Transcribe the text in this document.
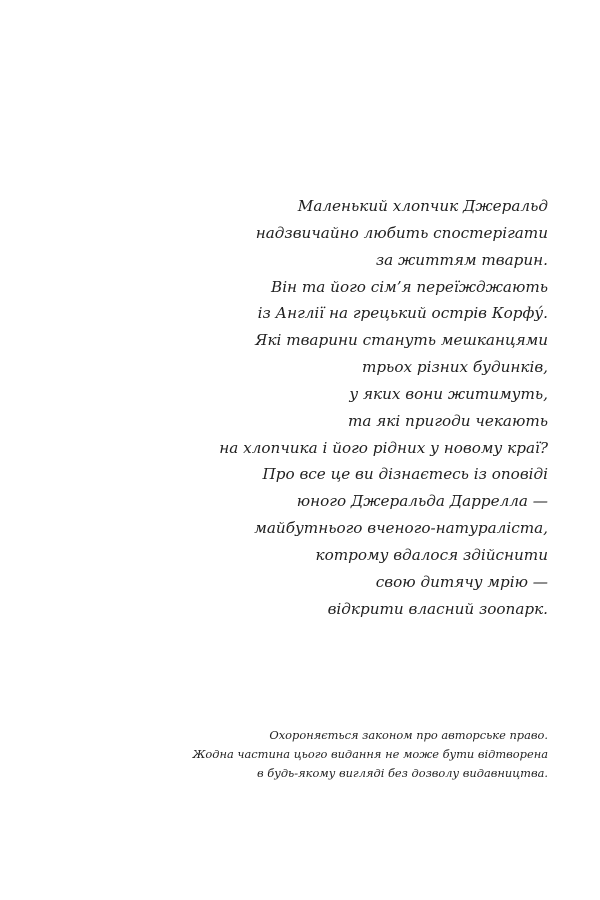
Маленький хлопчик Джеральд
надзвичайно любить спостерігати
за життям тварин.
Він та його сім’я переїжджають
із Англії на грецький острів Корфу́.
Які тварини стануть мешканцями
трьох різних будинків,
у яких вони житимуть,
та які пригоди чекають
на хлопчика і його рідних у новому краї?
Про все це ви дізнаєтесь із оповіді
юного Джеральда Даррелла —
майбутнього вченого-натураліста,
котрому вдалося здійснити
свою дитячу мрію —
відкрити власний зоопарк.
Охороняється законом про авторське право.
Жодна частина цього видання не може бути відтворена
в будь-якому вигляді без дозволу видавництва.
